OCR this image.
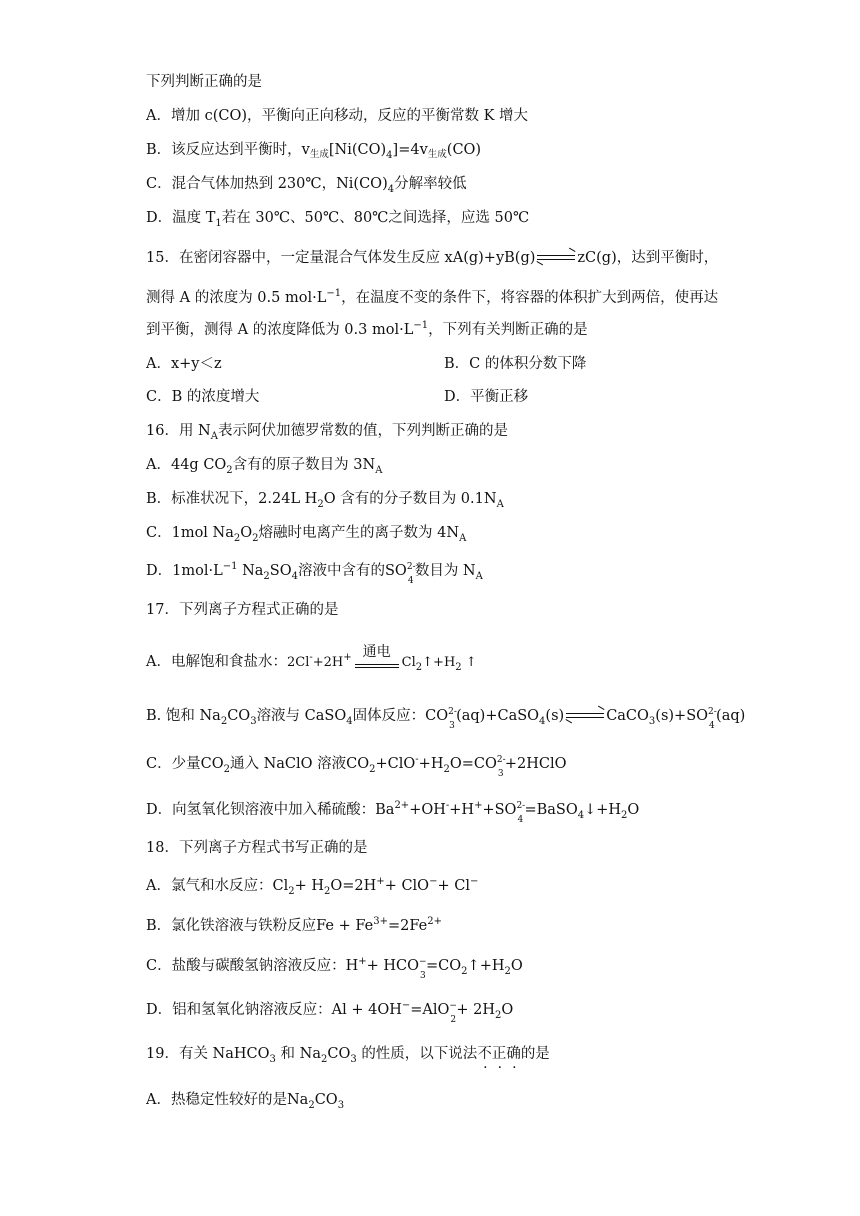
下列判断正确的是
A．增加 c(CO)，平衡向正向移动，反应的平衡常数 K 增大
B．该反应达到平衡时，$v_{生成}[Ni(CO)_4]=4v_{生成}(CO)$
C．混合气体加热到 230℃，$Ni(CO)_4$分解率较低
D．温度 $T_1$若在 30℃、50℃、80℃之间选择，应选 50℃
15．在密闭容器中，一定量混合气体发生反应 xA(g)+yB(g) ⇌ zC(g)，达到平衡时，
测得 A 的浓度为 0.5 $mol\cdot L^{-1}$，在温度不变的条件下，将容器的体积扩大到两倍，使再达
到平衡，测得 A 的浓度降低为 0.3 $mol\cdot L^{-1}$，下列有关判断正确的是
A．x+y＜z	B．C 的体积分数下降
C．B 的浓度增大	D．平衡正移
16．用 $N_A$表示阿伏加德罗常数的值，下列判断正确的是
A．44g $CO_2$含有的原子数目为 $3N_A$
B．标准状况下，2.24L $H_2O$ 含有的分子数目为 $0.1N_A$
C．1mol $Na_2O_2$熔融时电离产生的离子数为 $4N_A$
D．$1mol\cdot L^{-1}$ $Na_2SO_4$溶液中含有的SO 2-
4
数目为 $N_A$
17．下列离子方程式正确的是
A．电解饱和食盐水：2Cl-+2H+ 通电
$Cl_2↑+H_2$ ↑
B. 饱和 $Na_2CO_3$溶液与 CaSO$_4$固体反应：CO 2-
3
(aq)+CaSO$_4$(s) ⇌ CaCO$_3$(s)+SO 2-
4
(aq)
C．少量$CO_2$通入 NaClO 溶液$CO_2+ClO^-+H_2O=CO$ 2-
3
+2HClO
D．向氢氧化钡溶液中加入稀硫酸：$Ba^{2+}+OH^-+H^++SO$ 2-
4
$=BaSO_4↓+H_2O$
18．下列离子方程式书写正确的是
A．氯气和水反应：$Cl_2+ H_2O=2H^++ ClO^-+ Cl^-$
B．氯化铁溶液与铁粉反应$Fe + Fe^{3+}=2Fe^{2+}$
C．盐酸与碳酸氢钠溶液反应：H++ HCO −
3
$=CO_2↑+H_2O$
D．铝和氢氧化钠溶液反应：Al + 4OH−=AlO −
2
+ $2H_2O$
19．有关 NaHCO$_3$ 和 $Na_2CO_3$ 的性质，以下说法不正确的是
A．热稳定性较好的是$Na_2CO_3$
